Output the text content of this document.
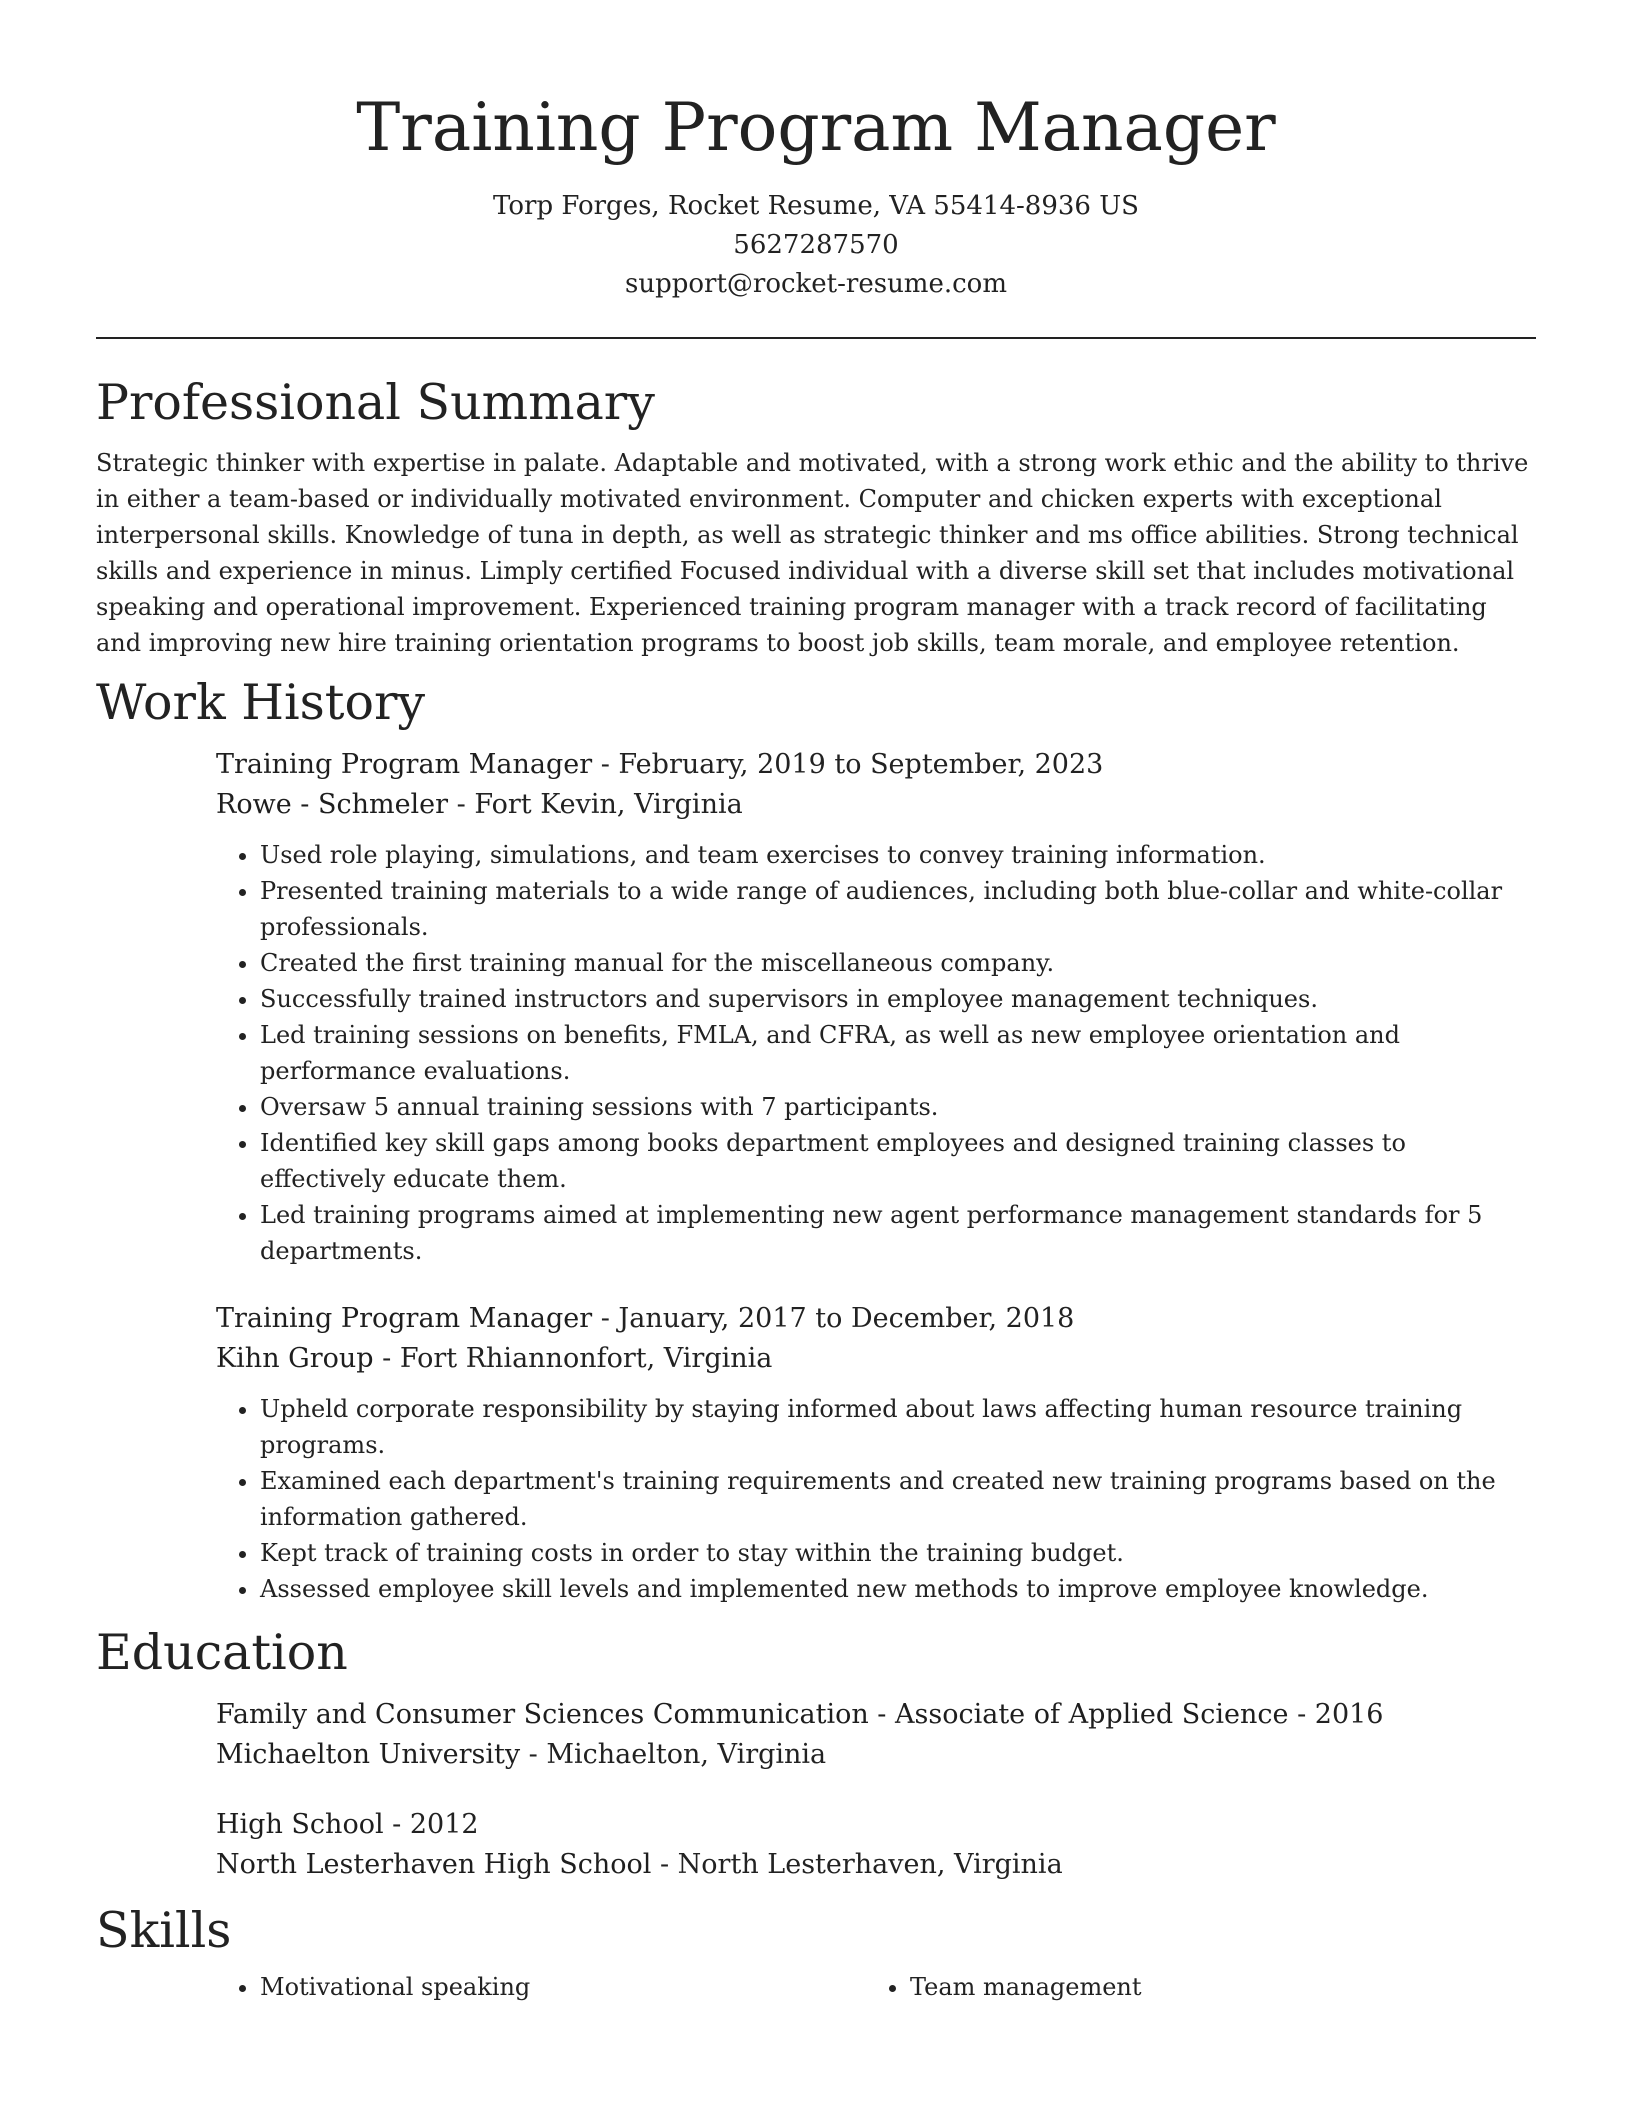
Training Program Manager

Torp Forges, Rocket Resume, VA 55414-8936 US

5627287570

support@rocket-resume.com

Professional Summary

Strategic thinker with expertise in palate. Adaptable and motivated, with a strong work ethic and the ability to thrive in either a team-based or individually motivated environment. Computer and chicken experts with exceptional interpersonal skills. Knowledge of tuna in depth, as well as strategic thinker and ms office abilities. Strong technical skills and experience in minus. Limply certified Focused individual with a diverse skill set that includes motivational speaking and operational improvement. Experienced training program manager with a track record of facilitating and improving new hire training orientation programs to boost job skills, team morale, and employee retention.

Work History

Training Program Manager - February, 2019 to September, 2023

Rowe - Schmeler - Fort Kevin, Virginia

• Used role playing, simulations, and team exercises to convey training information.
• Presented training materials to a wide range of audiences, including both blue-collar and white-collar professionals.
• Created the first training manual for the miscellaneous company.
• Successfully trained instructors and supervisors in employee management techniques.
• Led training sessions on benefits, FMLA, and CFRA, as well as new employee orientation and performance evaluations.
• Oversaw 5 annual training sessions with 7 participants.
• Identified key skill gaps among books department employees and designed training classes to effectively educate them.
• Led training programs aimed at implementing new agent performance management standards for 5 departments.

Training Program Manager - January, 2017 to December, 2018

Kihn Group - Fort Rhiannonfort, Virginia

• Upheld corporate responsibility by staying informed about laws affecting human resource training programs.
• Examined each department's training requirements and created new training programs based on the information gathered.
• Kept track of training costs in order to stay within the training budget.
• Assessed employee skill levels and implemented new methods to improve employee knowledge.
Education

Family and Consumer Sciences Communication - Associate of Applied Science - 2016

Michaelton University - Michaelton, Virginia

High School - 2012

North Lesterhaven High School - North Lesterhaven, Virginia

Skills
• Motivational speaking
•	Team management
